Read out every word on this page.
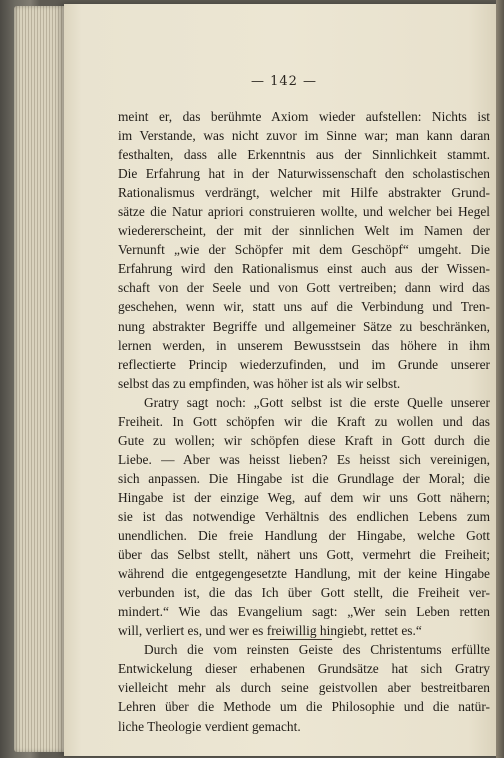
— 142 —
meint er, das berühmte Axiom wieder aufstellen: Nichts ist
im Verstande, was nicht zuvor im Sinne war; man kann daran
festhalten, dass alle Erkenntnis aus der Sinnlichkeit stammt.
Die Erfahrung hat in der Naturwissenschaft den scholastischen
Rationalismus verdrängt, welcher mit Hilfe abstrakter Grund-
sätze die Natur apriori construieren wollte, und welcher bei Hegel
wiedererscheint, der mit der sinnlichen Welt im Namen der
Vernunft „wie der Schöpfer mit dem Geschöpf“ umgeht. Die
Erfahrung wird den Rationalismus einst auch aus der Wissen-
schaft von der Seele und von Gott vertreiben; dann wird das
geschehen, wenn wir, statt uns auf die Verbindung und Tren-
nung abstrakter Begriffe und allgemeiner Sätze zu beschränken,
lernen werden, in unserem Bewusstsein das höhere in ihm
reflectierte Princip wiederzufinden, und im Grunde unserer
selbst das zu empfinden, was höher ist als wir selbst.
Gratry sagt noch: „Gott selbst ist die erste Quelle unserer
Freiheit. In Gott schöpfen wir die Kraft zu wollen und das
Gute zu wollen; wir schöpfen diese Kraft in Gott durch die
Liebe. — Aber was heisst lieben? Es heisst sich vereinigen,
sich anpassen. Die Hingabe ist die Grundlage der Moral; die
Hingabe ist der einzige Weg, auf dem wir uns Gott nähern;
sie ist das notwendige Verhältnis des endlichen Lebens zum
unendlichen. Die freie Handlung der Hingabe, welche Gott
über das Selbst stellt, nähert uns Gott, vermehrt die Freiheit;
während die entgegengesetzte Handlung, mit der keine Hingabe
verbunden ist, die das Ich über Gott stellt, die Freiheit ver-
mindert.“ Wie das Evangelium sagt: „Wer sein Leben retten
will, verliert es, und wer es freiwillig hingiebt, rettet es.“
Durch die vom reinsten Geiste des Christentums erfüllte
Entwickelung dieser erhabenen Grundsätze hat sich Gratry
vielleicht mehr als durch seine geistvollen aber bestreitbaren
Lehren über die Methode um die Philosophie und die natür-
liche Theologie verdient gemacht.
